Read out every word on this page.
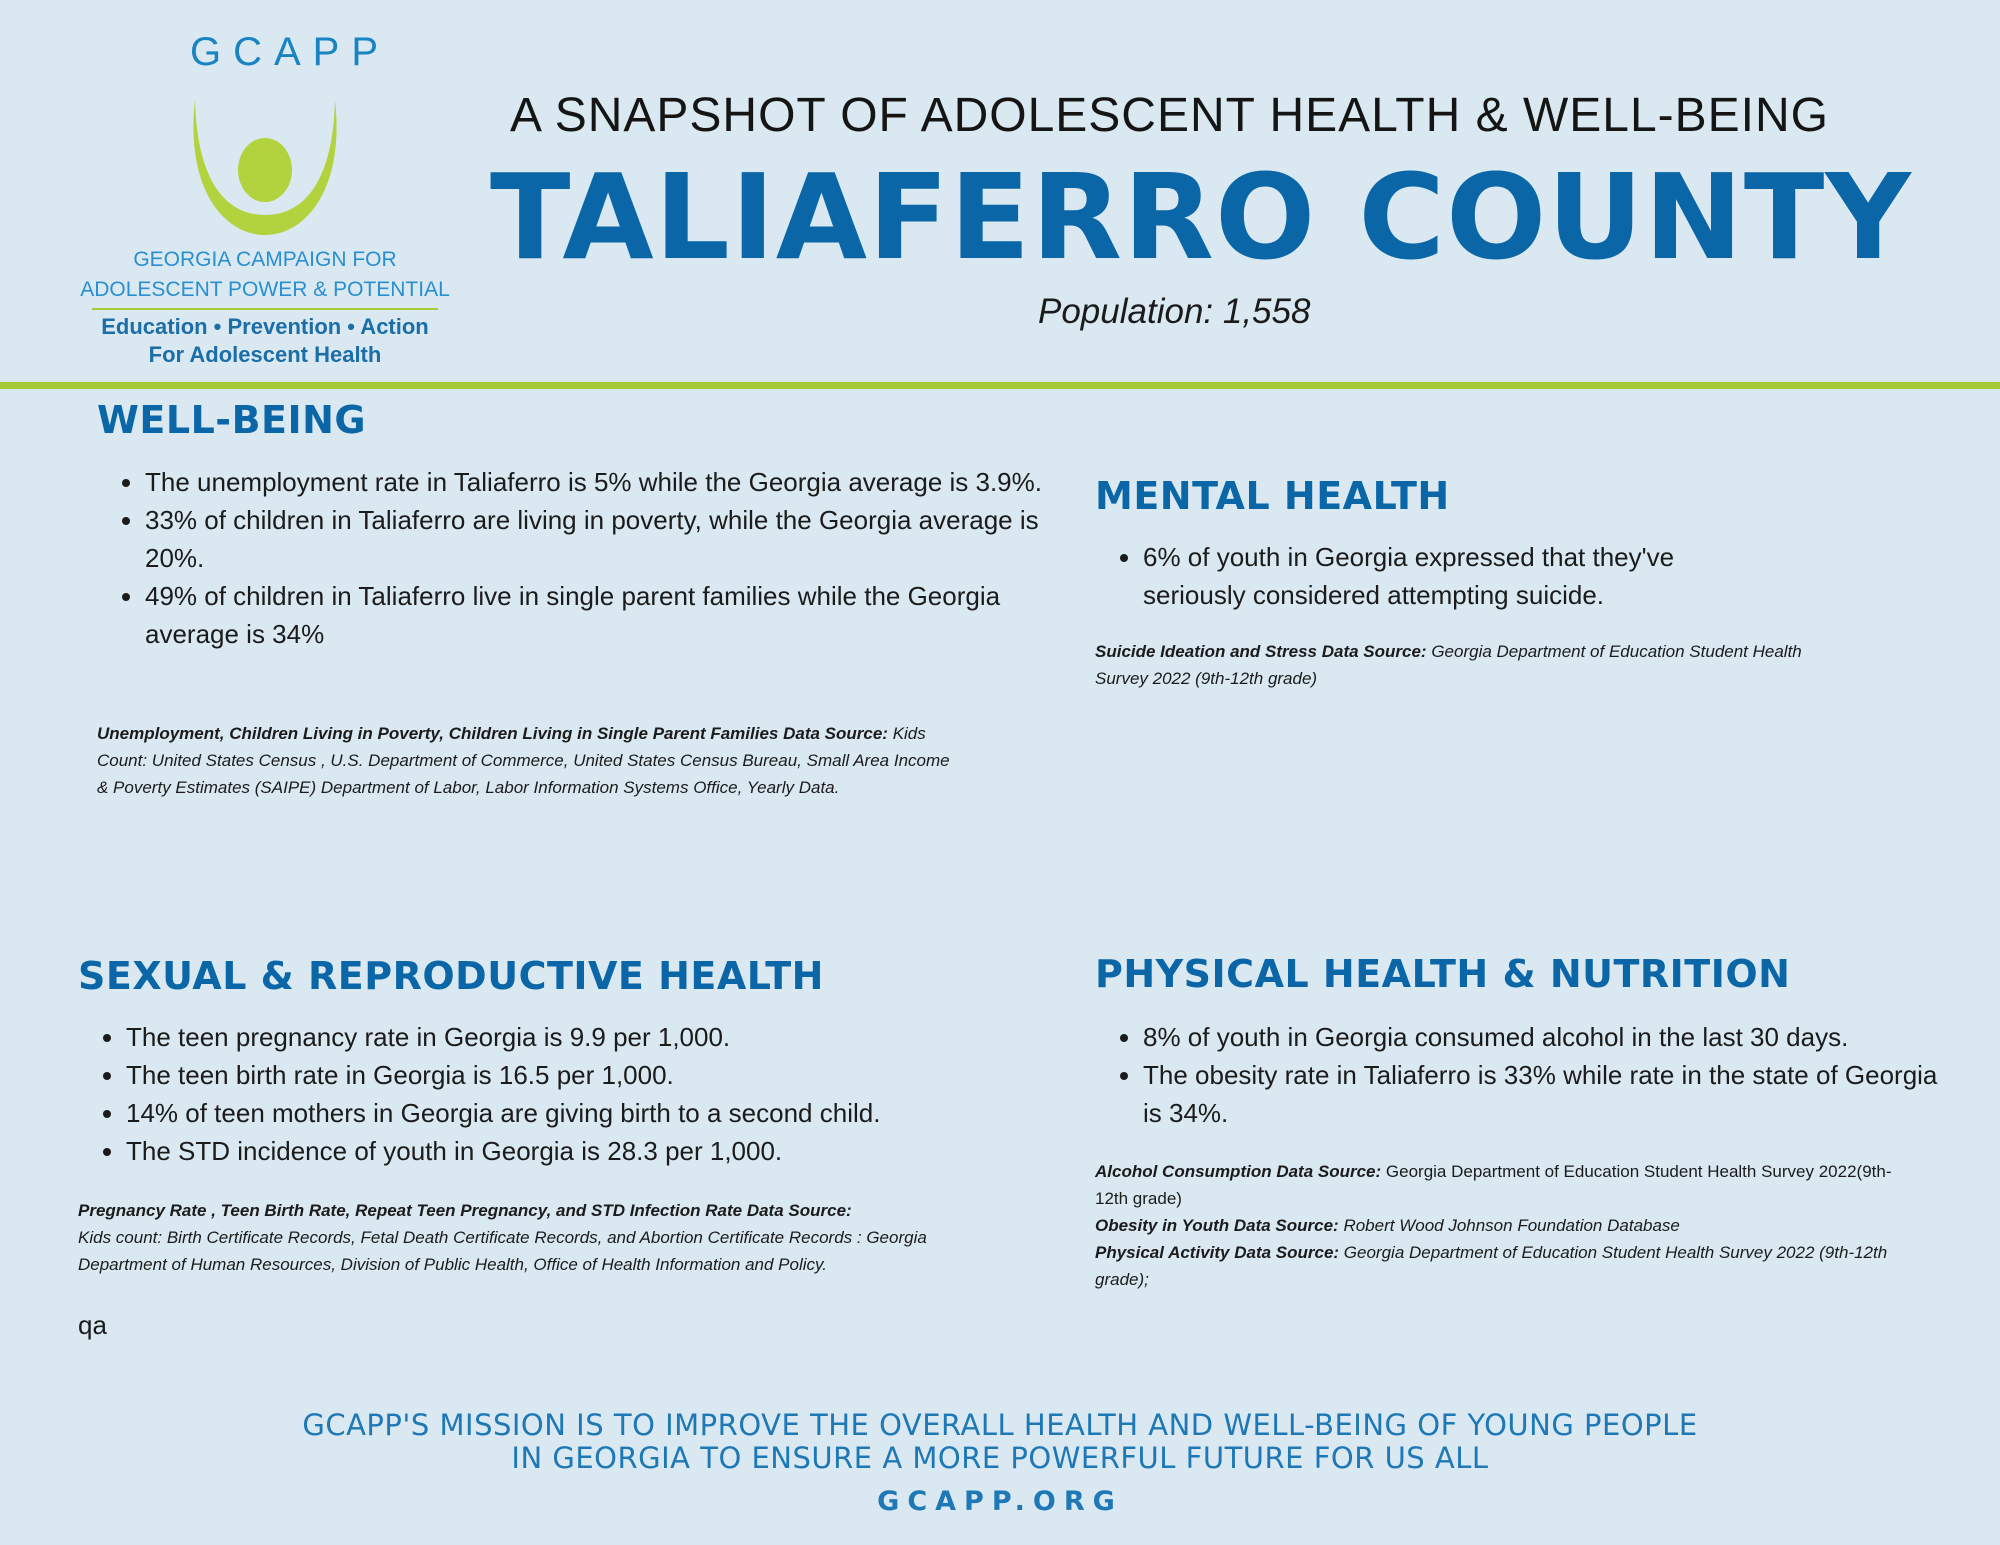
GCAPP
GEORGIA CAMPAIGN FOR
ADOLESCENT POWER & POTENTIAL
Education • Prevention • Action
For Adolescent Health
A SNAPSHOT OF ADOLESCENT HEALTH & WELL-BEING
TALIAFERRO COUNTY
Population: 1,558
WELL-BEING
• The unemployment rate in Taliaferro is 5% while the Georgia average is 3.9%.
• 33% of children in Taliaferro are living in poverty, while the Georgia average is 20%.
• 49% of children in Taliaferro live in single parent families while the Georgia average is 34%
Unemployment, Children Living in Poverty, Children Living in Single Parent Families Data Source: Kids Count: United States Census , U.S. Department of Commerce, United States Census Bureau, Small Area Income & Poverty Estimates (SAIPE) Department of Labor, Labor Information Systems Office, Yearly Data.
MENTAL HEALTH
• 6% of youth in Georgia expressed that they've seriously considered attempting suicide.
Suicide Ideation and Stress Data Source: Georgia Department of Education Student Health Survey 2022 (9th-12th grade)
SEXUAL & REPRODUCTIVE HEALTH
• The teen pregnancy rate in Georgia is 9.9 per 1,000.
• The teen birth rate in Georgia is 16.5 per 1,000.
• 14% of teen mothers in Georgia are giving birth to a second child.
• The STD incidence of youth in Georgia is 28.3 per 1,000.
Pregnancy Rate , Teen Birth Rate, Repeat Teen Pregnancy, and STD Infection Rate Data Source:
Kids count: Birth Certificate Records, Fetal Death Certificate Records, and Abortion Certificate Records : Georgia Department of Human Resources, Division of Public Health, Office of Health Information and Policy.
qa
PHYSICAL HEALTH & NUTRITION
• 8% of youth in Georgia consumed alcohol in the last 30 days.
• The obesity rate in Taliaferro is 33% while rate in the state of Georgia is 34%.
Alcohol Consumption Data Source: Georgia Department of Education Student Health Survey 2022(9th-12th grade)
Obesity in Youth Data Source: Robert Wood Johnson Foundation Database
Physical Activity Data Source: Georgia Department of Education Student Health Survey 2022 (9th-12th grade);
GCAPP'S MISSION IS TO IMPROVE THE OVERALL HEALTH AND WELL-BEING OF YOUNG PEOPLE
IN GEORGIA TO ENSURE A MORE POWERFUL FUTURE FOR US ALL
GCAPP.ORG
